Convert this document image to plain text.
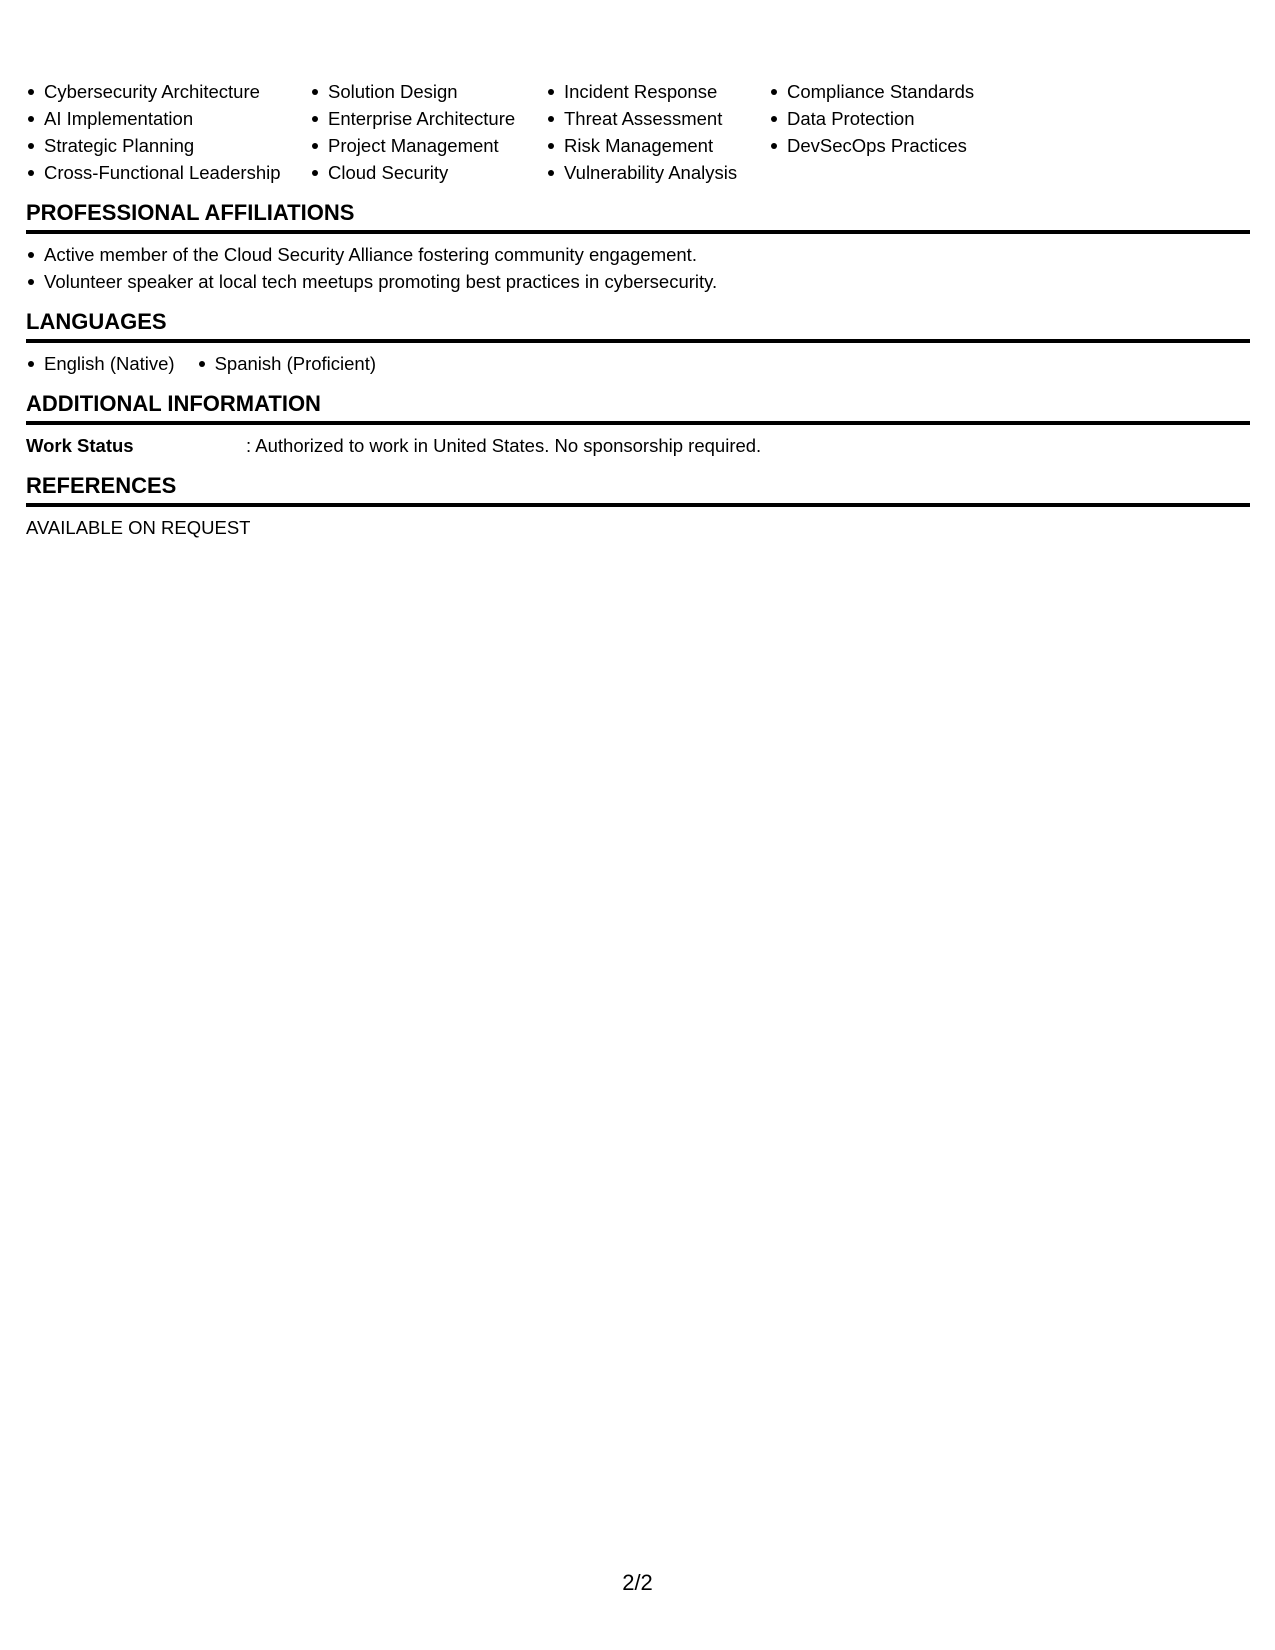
Cybersecurity Architecture
AI Implementation
Strategic Planning
Cross-Functional Leadership
Solution Design
Enterprise Architecture
Project Management
Cloud Security
Incident Response
Threat Assessment
Risk Management
Vulnerability Analysis
Compliance Standards
Data Protection
DevSecOps Practices
PROFESSIONAL AFFILIATIONS
Active member of the Cloud Security Alliance fostering community engagement.
Volunteer speaker at local tech meetups promoting best practices in cybersecurity.
LANGUAGES
English (Native)	Spanish (Proficient)
ADDITIONAL INFORMATION
Work Status	: Authorized to work in United States. No sponsorship required.
REFERENCES
AVAILABLE ON REQUEST
2/2
